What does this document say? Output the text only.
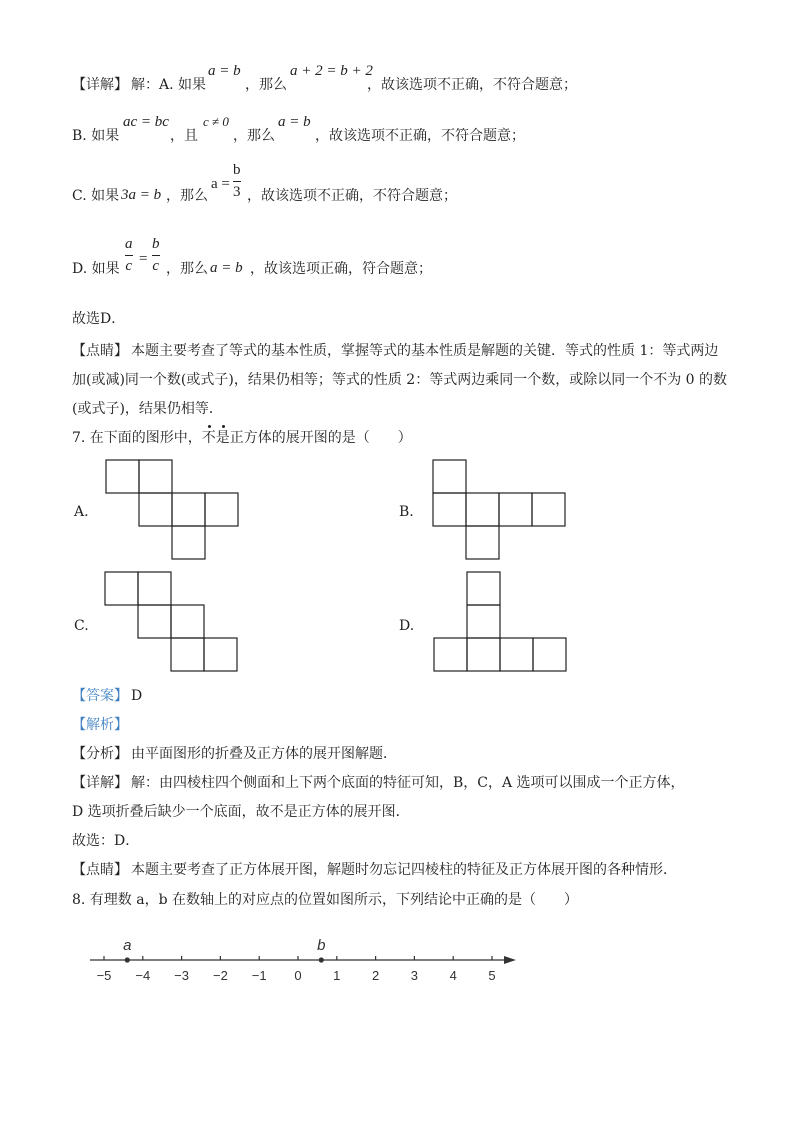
【详解】 解：A. 如果
a = b
，那么
a + 2 = b + 2
，故该选项不正确，不符合题意；
B. 如果
ac = bc
，且
c ≠ 0
，那么
a = b
，故该选项不正确，不符合题意；
C. 如果 3a = b ，那么
a =
b
3 ，故该选项不正确，不符合题意；
D. 如果
a
c =
b
c ，那么 a = b ，故该选项正确，符合题意；
故选D．
【点睛】 本题主要考查了等式的基本性质，掌握等式的基本性质是解题的关键．等式的性质 1：等式两边
加(或减)同一个数(或式子)，结果仍相等；等式的性质 2：等式两边乘同一个数，或除以同一个不为 0 的数
(或式子)，结果仍相等．
7. 在下面的图形中，不是正方体的展开图的是（　　）
A.	B.
C.	D.
【答案】 D
【解析】
【分析】 由平面图形的折叠及正方体的展开图解题．
【详解】 解：由四棱柱四个侧面和上下两个底面的特征可知，B，C，A 选项可以围成一个正方体，
D 选项折叠后缺少一个底面，故不是正方体的展开图．
故选：D．
【点睛】 本题主要考查了正方体展开图，解题时勿忘记四棱柱的特征及正方体展开图的各种情形．
8. 有理数 a，b 在数轴上的对应点的位置如图所示，下列结论中正确的是（　　）
−5 −4 −3 −2 −1 0 1 2 3 4 5
a	b
